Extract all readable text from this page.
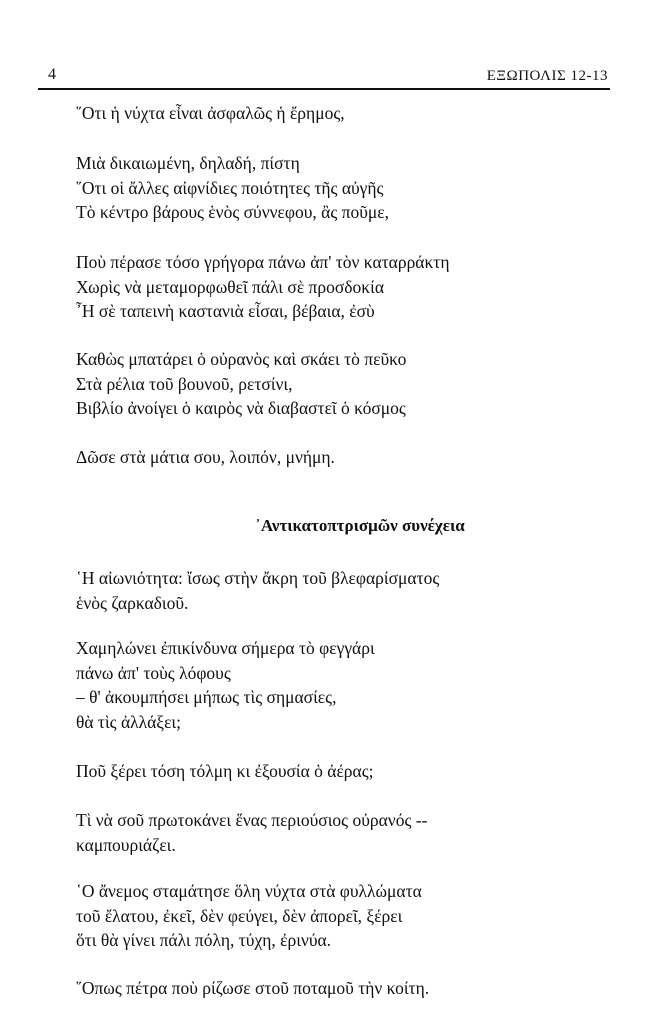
4	ΕΞΩΠΟΛΙΣ 12-13
῞Οτι ἡ νύχτα εἶναι ἀσφαλῶς ἡ ἔρημος,
Μιὰ δικαιωμένη, δηλαδή, πίστη
῞Οτι οἱ ἄλλες αἰφνίδιες ποιότητες τῆς αὐγῆς
Τὸ κέντρο βάρους ἑνὸς σύννεφου, ἂς ποῦμε,
Ποὺ πέρασε τόσο γρήγορα πάνω ἀπ' τὸν καταρράκτη
Χωρὶς νὰ μεταμορφωθεῖ πάλι σὲ προσδοκία
῏Η σὲ ταπεινὴ καστανιὰ εἶσαι, βέβαια, ἐσὺ
Καθὼς μπατάρει ὁ οὐρανὸς καὶ σκάει τὸ πεῦκο
Στὰ ρέλια τοῦ βουνοῦ, ρετσίνι,
Βιβλίο ἀνοίγει ὁ καιρὸς νὰ διαβαστεῖ ὁ κόσμος
Δῶσε στὰ μάτια σου, λοιπόν, μνήμη.
᾿Αντικατοπτρισμῶν συνέχεια
῾Η αἰωνιότητα: ἴσως στὴν ἄκρη τοῦ βλεφαρίσματος
ἑνὸς ζαρκαδιοῦ.
Χαμηλώνει ἐπικίνδυνα σήμερα τὸ φεγγάρι
πάνω ἀπ' τοὺς λόφους
– θ' ἀκουμπήσει μήπως τὶς σημασίες,
θὰ τὶς ἀλλάξει;
Ποῦ ξέρει τόση τόλμη κι ἐξουσία ὁ ἀέρας;
Τὶ νὰ σοῦ πρωτοκάνει ἕνας περιούσιος οὐρανός --
καμπουριάζει.
῾Ο ἄνεμος σταμάτησε ὅλη νύχτα στὰ φυλλώματα
τοῦ ἔλατου, ἐκεῖ, δὲν φεύγει, δὲν ἀπορεῖ, ξέρει
ὅτι θὰ γίνει πάλι πόλη, τύχη, ἐρινύα.
῞Οπως πέτρα ποὺ ρίζωσε στοῦ ποταμοῦ τὴν κοίτη.
